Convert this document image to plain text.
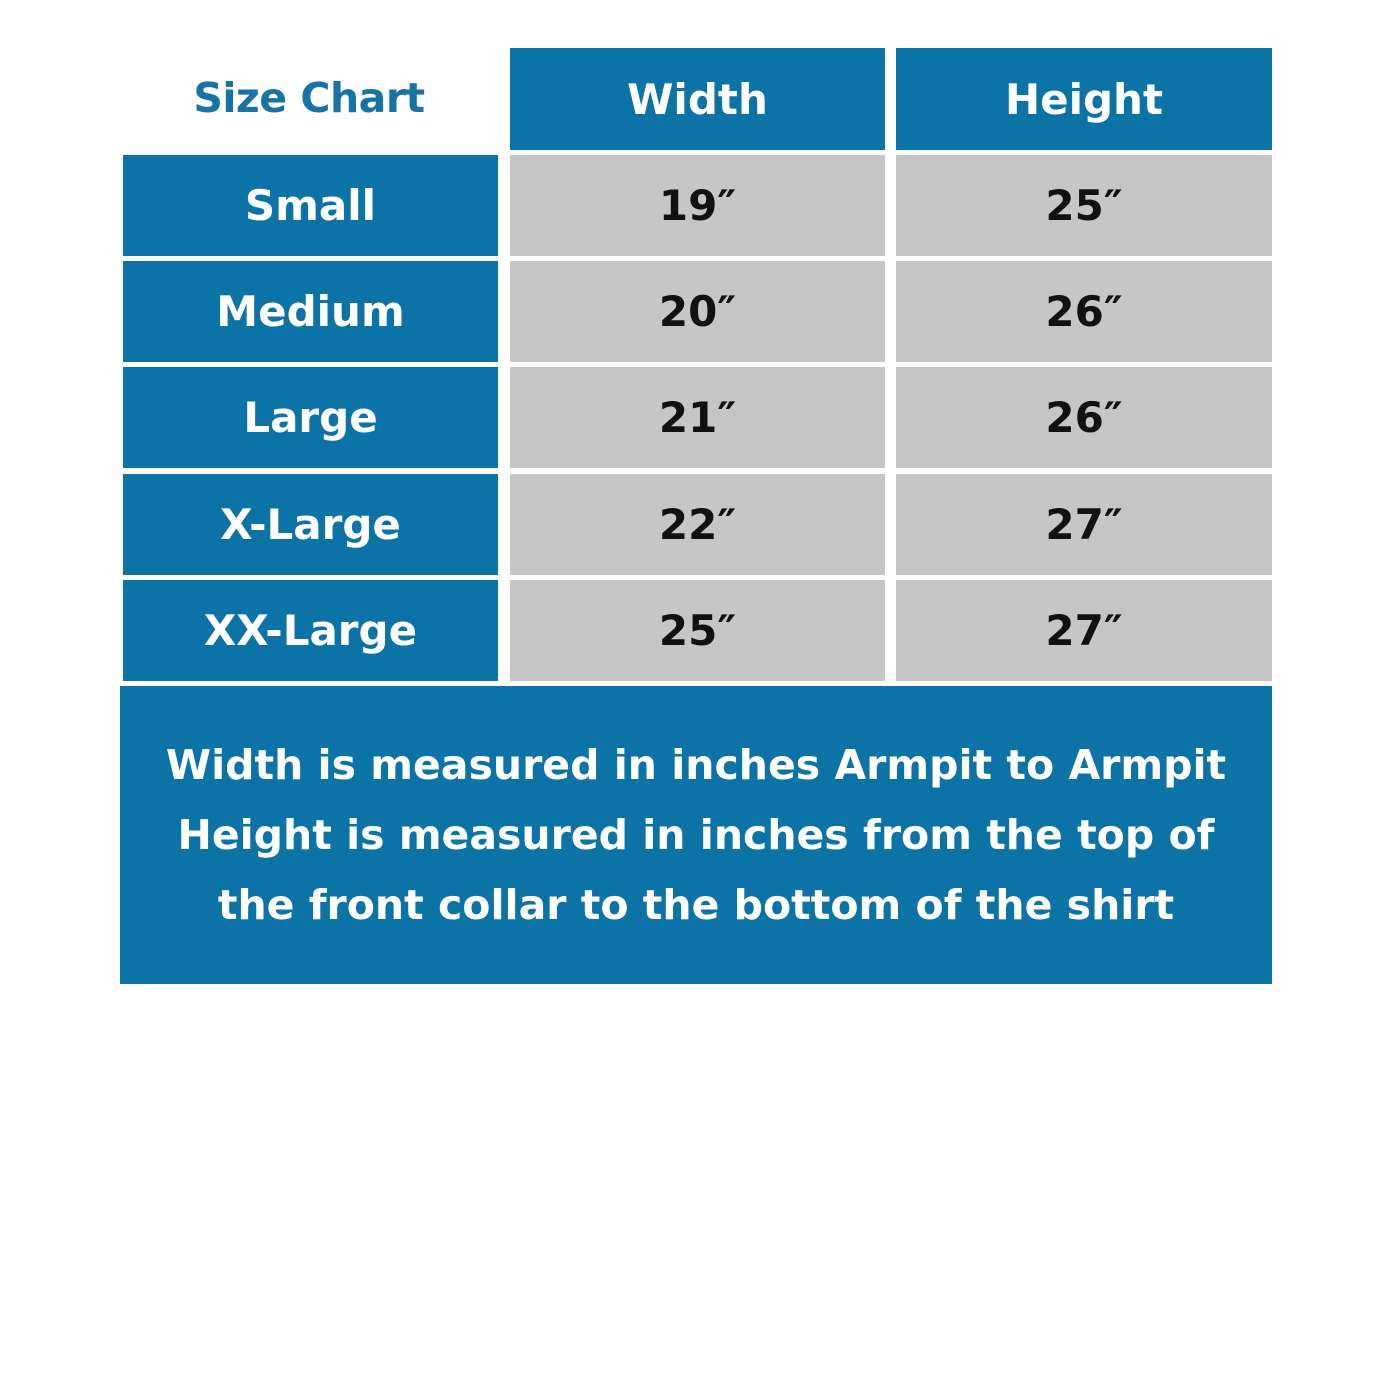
Size Chart	Width	Height
Small	19″	25″
Medium	20″	26″
Large	21″	26″
X-Large	22″	27″
XX-Large	25″	27″
Width is measured in inches Armpit to Armpit
Height is measured in inches from the top of
the front collar to the bottom of the shirt
